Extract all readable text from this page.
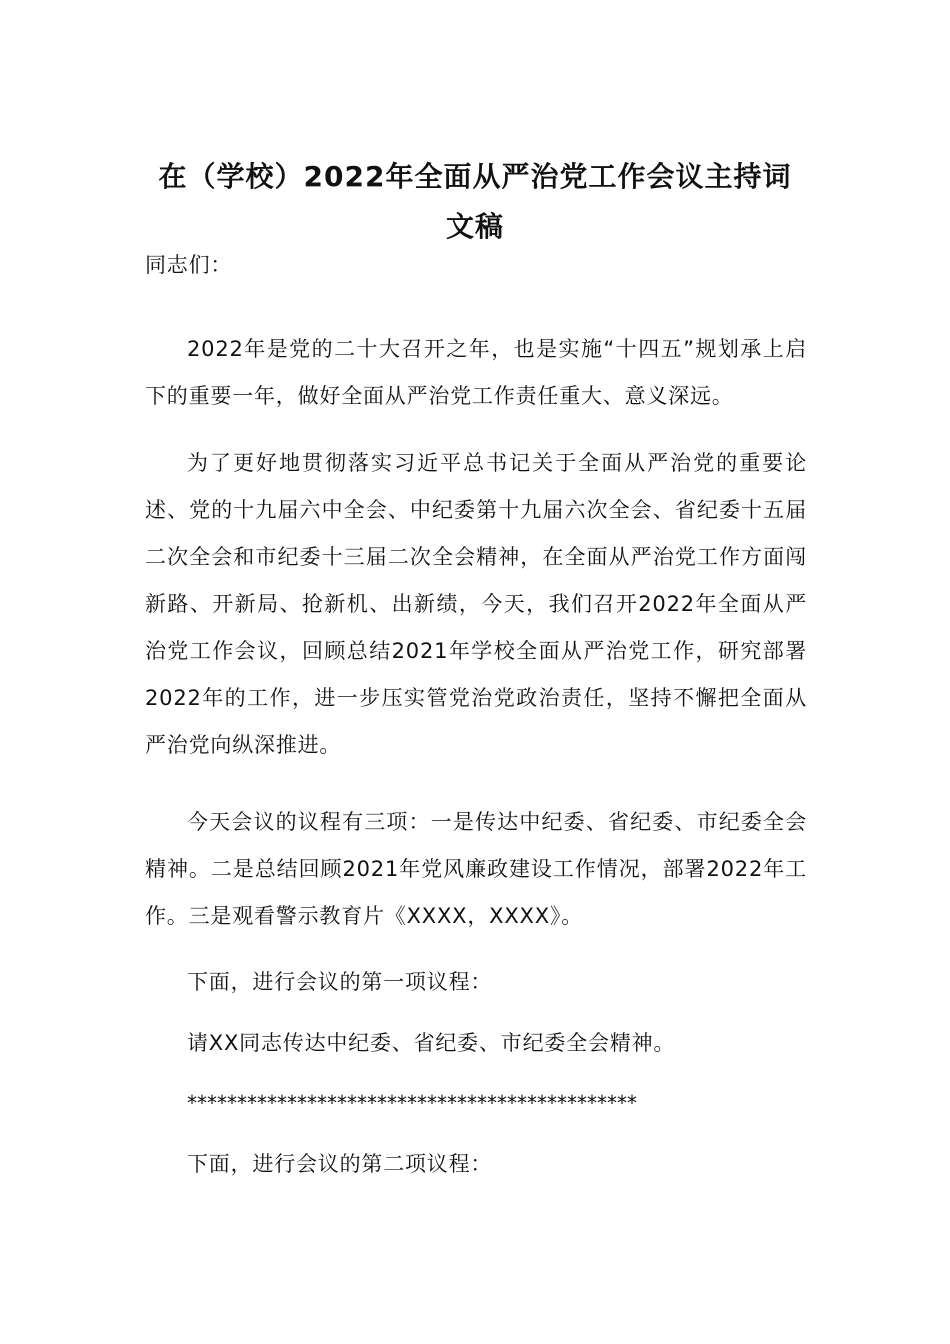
在（学校）2022年全面从严治党工作会议主持词文稿

同志们：

2022年是党的二十大召开之年，也是实施“十四五”规划承上启下的重要一年，做好全面从严治党工作责任重大、意义深远。

为了更好地贯彻落实习近平总书记关于全面从严治党的重要论述、党的十九届六中全会、中纪委第十九届六次全会、省纪委十五届二次全会和市纪委十三届二次全会精神，在全面从严治党工作方面闯新路、开新局、抢新机、出新绩，今天，我们召开2022年全面从严治党工作会议，回顾总结2021年学校全面从严治党工作，研究部署2022年的工作，进一步压实管党治党政治责任，坚持不懈把全面从严治党向纵深推进。

今天会议的议程有三项：一是传达中纪委、省纪委、市纪委全会精神。二是总结回顾2021年党风廉政建设工作情况，部署2022年工作。三是观看警示教育片《XXXX，XXXX》。

下面，进行会议的第一项议程：

请XX同志传达中纪委、省纪委、市纪委全会精神。

*********************************************

下面，进行会议的第二项议程：
